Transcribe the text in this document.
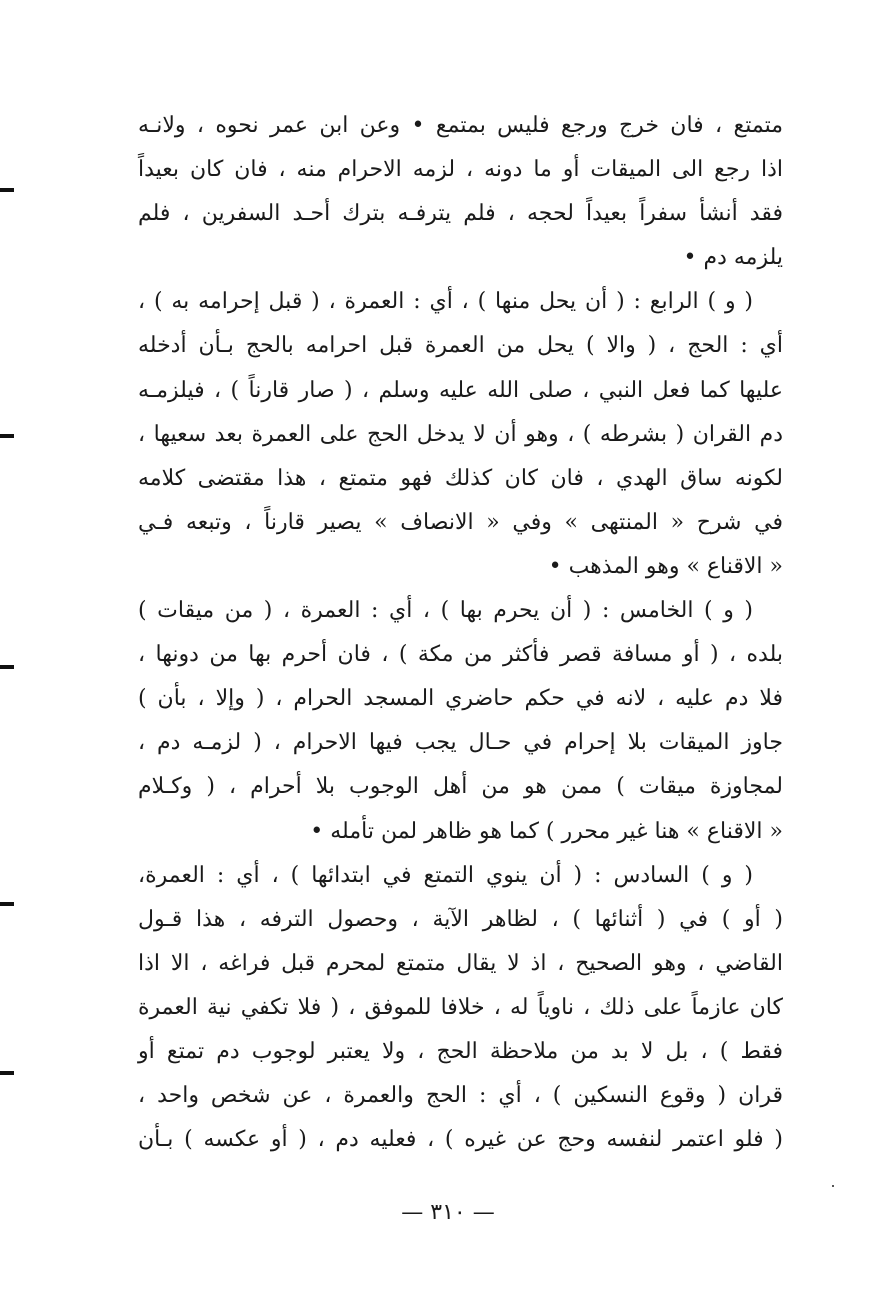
متمتع ، فان خرج ورجع فليس بمتمع • وعن ابن عمر نحوه ، ولانـه
اذا رجع الى الميقات أو ما دونه ، لزمه الاحرام منه ، فان كان بعيداً
فقد أنشأ سفراً بعيداً لحجه ، فلم يترفـه بترك أحـد السفرين ، فلم
يلزمه دم •
( و ) الرابع : ( أن يحل منها ) ، أي : العمرة ، ( قبل إحرامه به ) ،
أي : الحج ، ( والا ) يحل من العمرة قبل احرامه بالحج بـأن أدخله
عليها كما فعل النبي ، صلى الله عليه وسلم ، ( صار قارناً ) ، فيلزمـه
دم القران ( بشرطه ) ، وهو أن لا يدخل الحج على العمرة بعد سعيها ،
لكونه ساق الهدي ، فان كان كذلك فهو متمتع ، هذا مقتضى كلامه
في شرح « المنتهى » وفي « الانصاف » يصير قارناً ، وتبعه فـي
« الاقناع » وهو المذهب •
( و ) الخامس : ( أن يحرم بها ) ، أي : العمرة ، ( من ميقات )
بلده ، ( أو مسافة قصر فأكثر من مكة ) ، فان أحرم بها من دونها ،
فلا دم عليه ، لانه في حكم حاضري المسجد الحرام ، ( وإلا ، بأن )
جاوز الميقات بلا إحرام في حـال يجب فيها الاحرام ، ( لزمـه دم ،
لمجاوزة ميقات ) ممن هو من أهل الوجوب بلا أحرام ، ( وكـلام
« الاقناع » هنا غير محرر ) كما هو ظاهر لمن تأمله •
( و ) السادس : ( أن ينوي التمتع في ابتدائها ) ، أي : العمرة،
( أو ) في ( أثنائها ) ، لظاهر الآية ، وحصول الترفه ، هذا قـول
القاضي ، وهو الصحيح ، اذ لا يقال متمتع لمحرم قبل فراغه ، الا اذا
كان عازماً على ذلك ، ناوياً له ، خلافا للموفق ، ( فلا تكفي نية العمرة
فقط ) ، بل لا بد من ملاحظة الحج ، ولا يعتبر لوجوب دم تمتع أو
قران ( وقوع النسكين ) ، أي : الحج والعمرة ، عن شخص واحد ،
( فلو اعتمر لنفسه وحج عن غيره ) ، فعليه دم ، ( أو عكسه ) بـأن
— ٣١٠ —
